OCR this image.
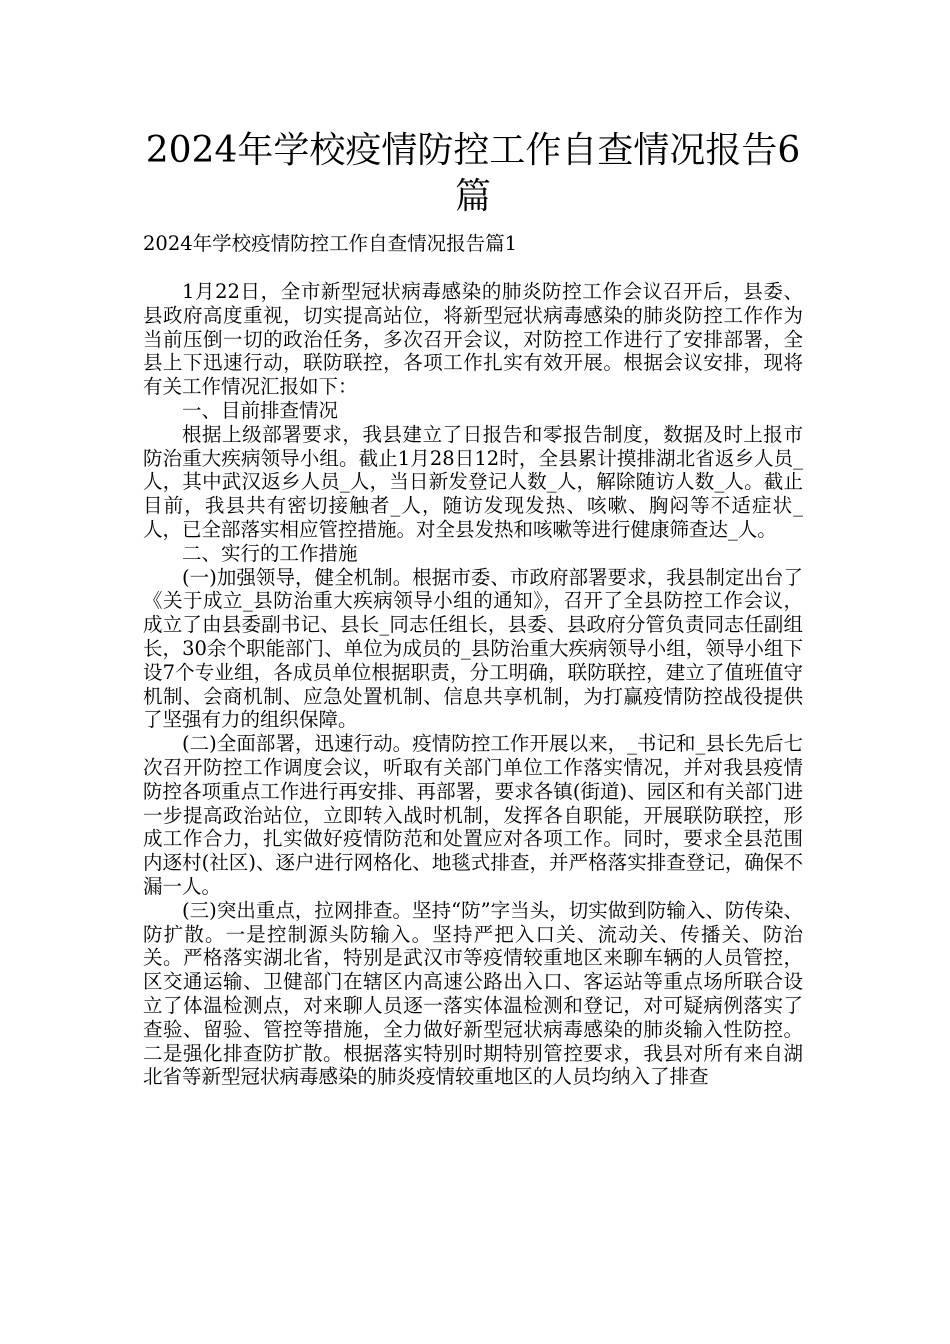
2024年学校疫情防控工作自查情况报告6篇
2024年学校疫情防控工作自查情况报告篇1

1月22日，全市新型冠状病毒感染的肺炎防控工作会议召开后，县委、县政府高度重视，切实提高站位，将新型冠状病毒感染的肺炎防控工作作为当前压倒一切的政治任务，多次召开会议，对防控工作进行了安排部署，全县上下迅速行动，联防联控，各项工作扎实有效开展。根据会议安排，现将有关工作情况汇报如下：

一、目前排查情况

根据上级部署要求，我县建立了日报告和零报告制度，数据及时上报市防治重大疾病领导小组。截止1月28日12时，全县累计摸排湖北省返乡人员_人，其中武汉返乡人员_人，当日新发登记人数_人，解除随访人数_人。截止目前，我县共有密切接触者_人，随访发现发热、咳嗽、胸闷等不适症状_人，已全部落实相应管控措施。对全县发热和咳嗽等进行健康筛查达_人。

二、实行的工作措施

(一)加强领导，健全机制。根据市委、市政府部署要求，我县制定出台了《关于成立_县防治重大疾病领导小组的通知》，召开了全县防控工作会议，成立了由县委副书记、县长_同志任组长，县委、县政府分管负责同志任副组长，30余个职能部门、单位为成员的_县防治重大疾病领导小组，领导小组下设7个专业组，各成员单位根据职责，分工明确，联防联控，建立了值班值守机制、会商机制、应急处置机制、信息共享机制，为打赢疫情防控战役提供了坚强有力的组织保障。

(二)全面部署，迅速行动。疫情防控工作开展以来，_书记和_县长先后七次召开防控工作调度会议，听取有关部门单位工作落实情况，并对我县疫情防控各项重点工作进行再安排、再部署，要求各镇(街道)、园区和有关部门进一步提高政治站位，立即转入战时机制，发挥各自职能，开展联防联控，形成工作合力，扎实做好疫情防范和处置应对各项工作。同时，要求全县范围内逐村(社区)、逐户进行网格化、地毯式排查，并严格落实排查登记，确保不漏一人。

(三)突出重点，拉网排查。坚持“防”字当头，切实做到防输入、防传染、防扩散。一是控制源头防输入。坚持严把入口关、流动关、传播关、防治关。严格落实湖北省，特别是武汉市等疫情较重地区来聊车辆的人员管控，区交通运输、卫健部门在辖区内高速公路出入口、客运站等重点场所联合设立了体温检测点，对来聊人员逐一落实体温检测和登记，对可疑病例落实了查验、留验、管控等措施，全力做好新型冠状病毒感染的肺炎输入性防控。二是强化排查防扩散。根据落实特别时期特别管控要求，我县对所有来自湖北省等新型冠状病毒感染的肺炎疫情较重地区的人员均纳入了排查
